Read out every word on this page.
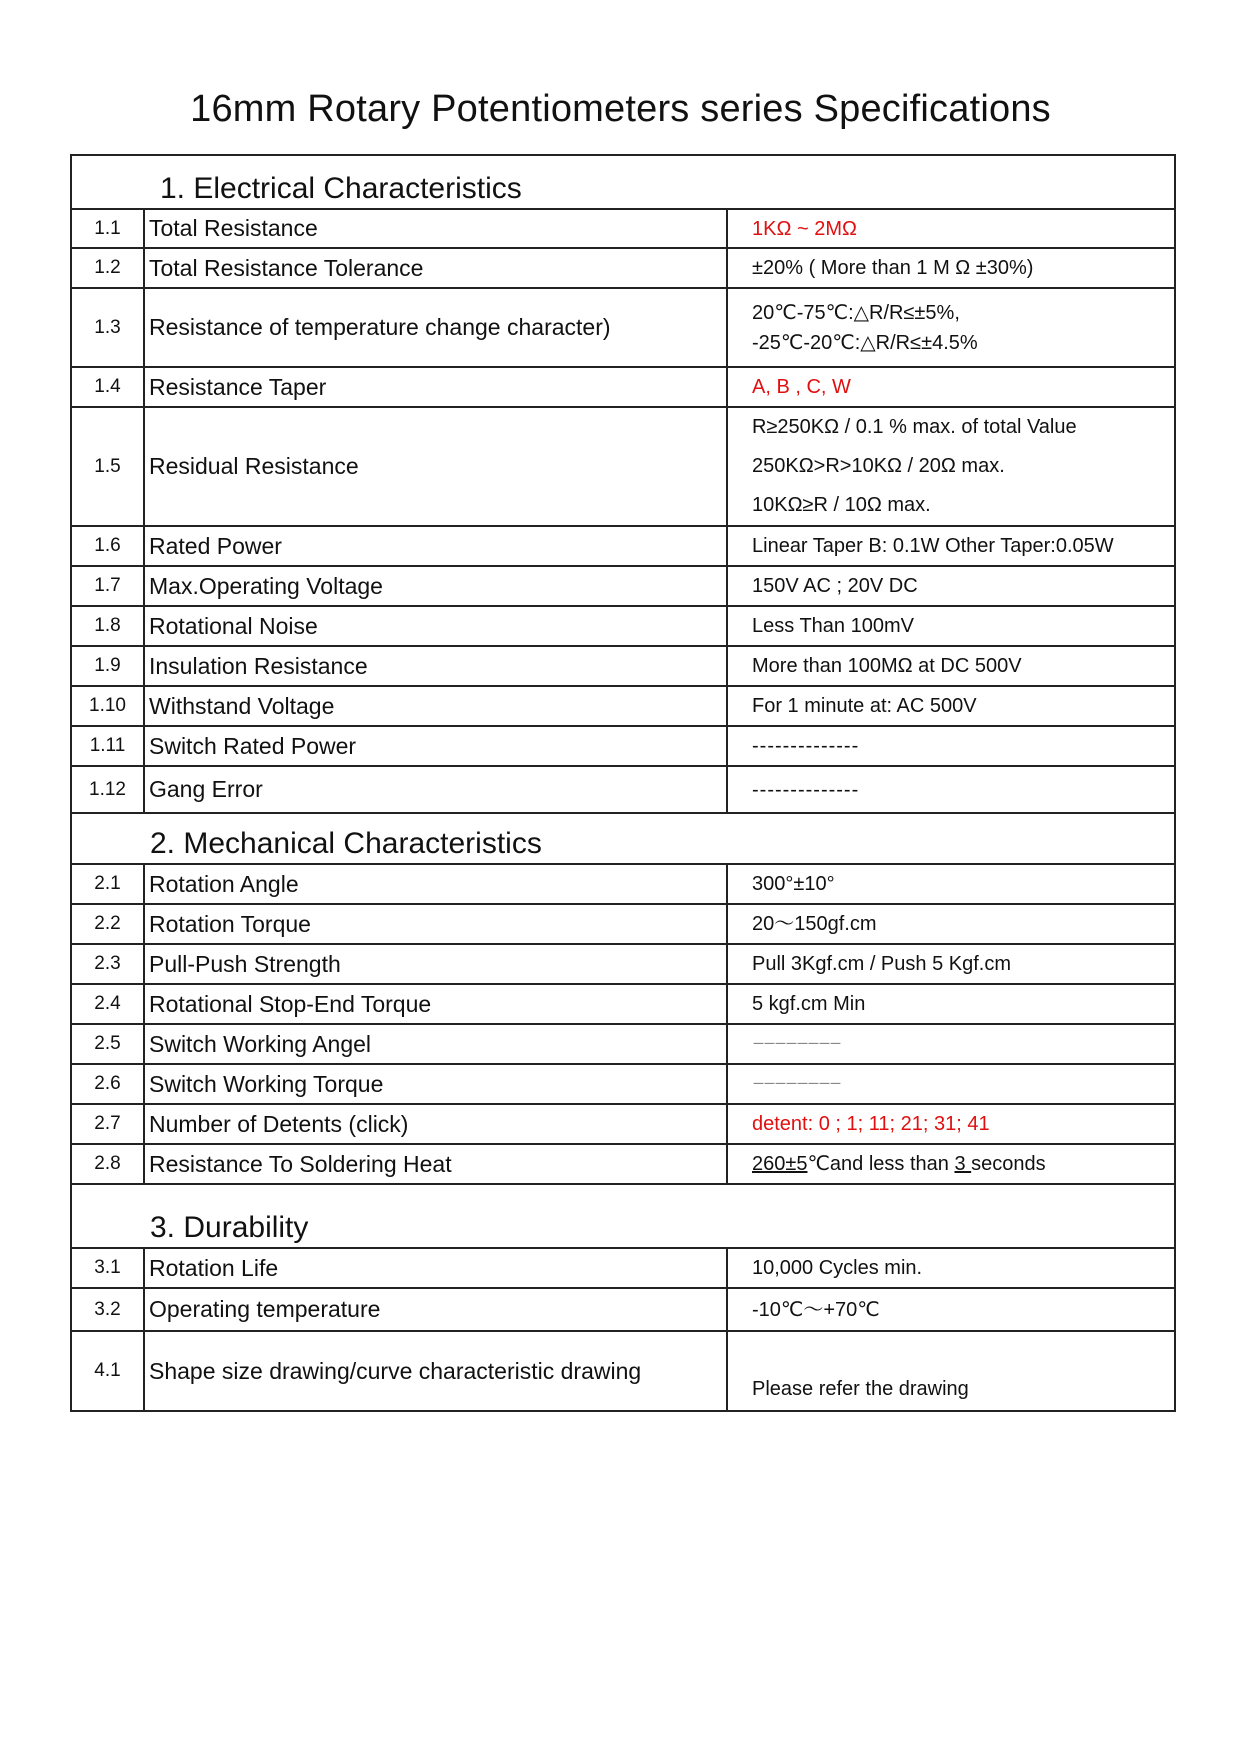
16mm Rotary Potentiometers series Specifications
1. Electrical Characteristics		
1.1	Total Resistance	1KΩ ~ 2MΩ
1.2	Total Resistance Tolerance	±20% ( More than 1 M Ω ±30%)
1.3	Resistance of temperature change character)	20℃-75℃:△R/R≤±5%,
-25℃-20℃:△R/R≤±4.5%

1.4	Resistance Taper	A, B , C, W
1.5	Residual Resistance	R≥250KΩ / 0.1 % max. of total Value
250KΩ>R>10KΩ / 20Ω max.
10KΩ≥R / 10Ω max.

1.6	Rated Power	Linear Taper B: 0.1W Other Taper:0.05W
1.7	Max.Operating Voltage	150V AC ; 20V DC
1.8	Rotational Noise	Less Than 100mV
1.9	Insulation Resistance	More than 100MΩ at DC 500V
1.10	Withstand Voltage	For 1 minute at: AC 500V
1.11	Switch Rated Power	--------------
1.12	Gang Error	--------------
2. Mechanical Characteristics		
2.1	Rotation Angle	300°±10°
2.2	Rotation Torque	20～150gf.cm
2.3	Pull-Push Strength	Pull 3Kgf.cm / Push 5 Kgf.cm
2.4	Rotational Stop-End Torque	5 kgf.cm Min
2.5	Switch Working Angel	－－－－－－－－
2.6	Switch Working Torque	－－－－－－－－
2.7	Number of Detents (click)	detent: 0 ; 1; 11; 21; 31; 41
2.8	Resistance To Soldering Heat	260±5℃and less than 3 seconds
3. Durability		
3.1	Rotation Life	10,000 Cycles min.
3.2	Operating temperature	-10℃～+70℃
4.1	Shape size drawing/curve characteristic drawing	Please refer the drawing
